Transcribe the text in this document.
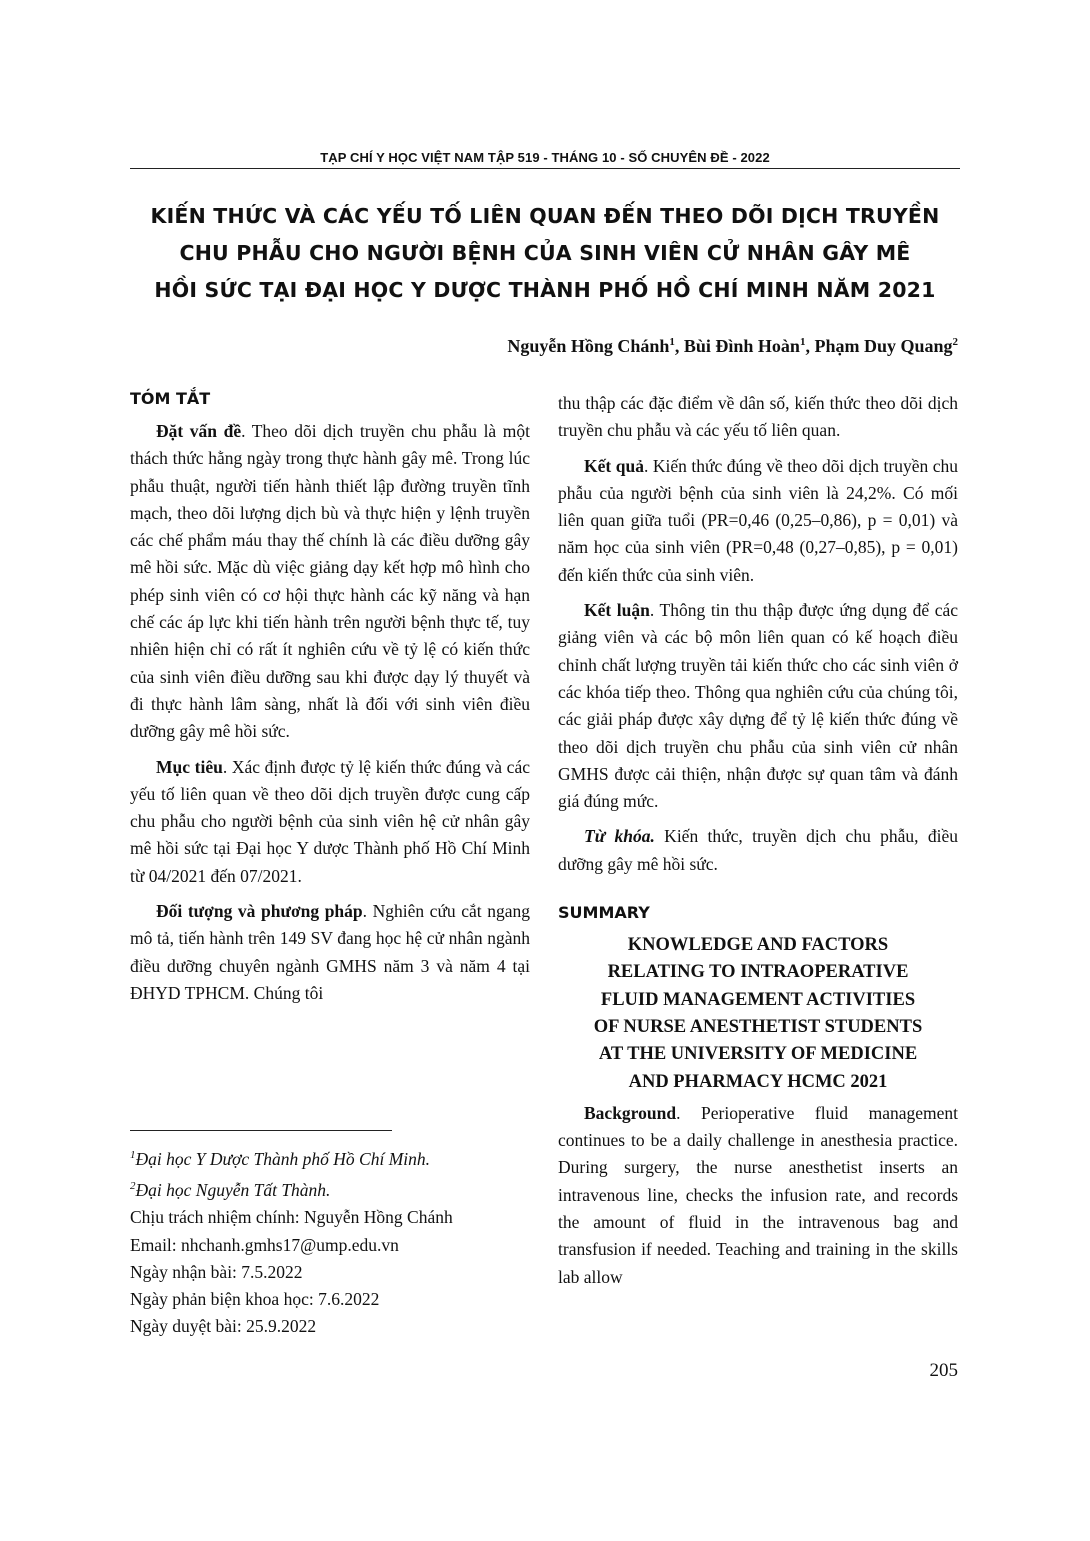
TẠP CHÍ Y HỌC VIỆT NAM TẬP 519 - THÁNG 10 - SỐ CHUYÊN ĐỀ - 2022
KIẾN THỨC VÀ CÁC YẾU TỐ LIÊN QUAN ĐẾN THEO DÕI DỊCH TRUYỀN
CHU PHẪU CHO NGƯỜI BỆNH CỦA SINH VIÊN CỬ NHÂN GÂY MÊ
HỒI SỨC TẠI ĐẠI HỌC Y DƯỢC THÀNH PHỐ HỒ CHÍ MINH NĂM 2021
Nguyễn Hồng Chánh$^1$, Bùi Đình Hoàn$^1$, Phạm Duy Quang$^2$
TÓM TẮT

Đặt vấn đề. Theo dõi dịch truyền chu phẫu là một thách thức hằng ngày trong thực hành gây mê. Trong lúc phẫu thuật, người tiến hành thiết lập đường truyền tĩnh mạch, theo dõi lượng dịch bù và thực hiện y lệnh truyền các chế phẩm máu thay thế chính là các điều dưỡng gây mê hồi sức. Mặc dù việc giảng dạy kết hợp mô hình cho phép sinh viên có cơ hội thực hành các kỹ năng và hạn chế các áp lực khi tiến hành trên người bệnh thực tế, tuy nhiên hiện chỉ có rất ít nghiên cứu về tỷ lệ có kiến thức của sinh viên điều dưỡng sau khi được dạy lý thuyết và đi thực hành lâm sàng, nhất là đối với sinh viên điều dưỡng gây mê hồi sức.

Mục tiêu. Xác định được tỷ lệ kiến thức đúng và các yếu tố liên quan về theo dõi dịch truyền được cung cấp chu phẫu cho người bệnh của sinh viên hệ cử nhân gây mê hồi sức tại Đại học Y dược Thành phố Hồ Chí Minh từ 04/2021 đến 07/2021.

Đối tượng và phương pháp. Nghiên cứu cắt ngang mô tả, tiến hành trên 149 SV đang học hệ cử nhân ngành điều dưỡng chuyên ngành GMHS năm 3 và năm 4 tại ĐHYD TPHCM. Chúng tôi

$^1$Đại học Y Dược Thành phố Hồ Chí Minh.
$^2$Đại học Nguyễn Tất Thành.
Chịu trách nhiệm chính: Nguyễn Hồng Chánh
Email: nhchanh.gmhs17@ump.edu.vn
Ngày nhận bài: 7.5.2022
Ngày phản biện khoa học: 7.6.2022
Ngày duyệt bài: 25.9.2022

thu thập các đặc điểm về dân số, kiến thức theo dõi dịch truyền chu phẫu và các yếu tố liên quan.

Kết quả. Kiến thức đúng về theo dõi dịch truyền chu phẫu của người bệnh của sinh viên là 24,2%. Có mối liên quan giữa tuổi (PR=0,46 (0,25–0,86), p = 0,01) và năm học của sinh viên (PR=0,48 (0,27–0,85), p = 0,01) đến kiến thức của sinh viên.

Kết luận. Thông tin thu thập được ứng dụng để các giảng viên và các bộ môn liên quan có kế hoạch điều chỉnh chất lượng truyền tải kiến thức cho các sinh viên ở các khóa tiếp theo. Thông qua nghiên cứu của chúng tôi, các giải pháp được xây dựng để tỷ lệ kiến thức đúng về theo dõi dịch truyền chu phẫu của sinh viên cử nhân GMHS được cải thiện, nhận được sự quan tâm và đánh giá đúng mức.

Từ khóa. Kiến thức, truyền dịch chu phẫu, điều dưỡng gây mê hồi sức.

SUMMARY
KNOWLEDGE AND FACTORS
RELATING TO INTRAOPERATIVE
FLUID MANAGEMENT ACTIVITIES
OF NURSE ANESTHETIST STUDENTS
AT THE UNIVERSITY OF MEDICINE
AND PHARMACY HCMC 2021

Background. Perioperative fluid management continues to be a daily challenge in anesthesia practice. During surgery, the nurse anesthetist inserts an intravenous line, checks the infusion rate, and records the amount of fluid in the intravenous bag and transfusion if needed. Teaching and training in the skills lab allow

205
